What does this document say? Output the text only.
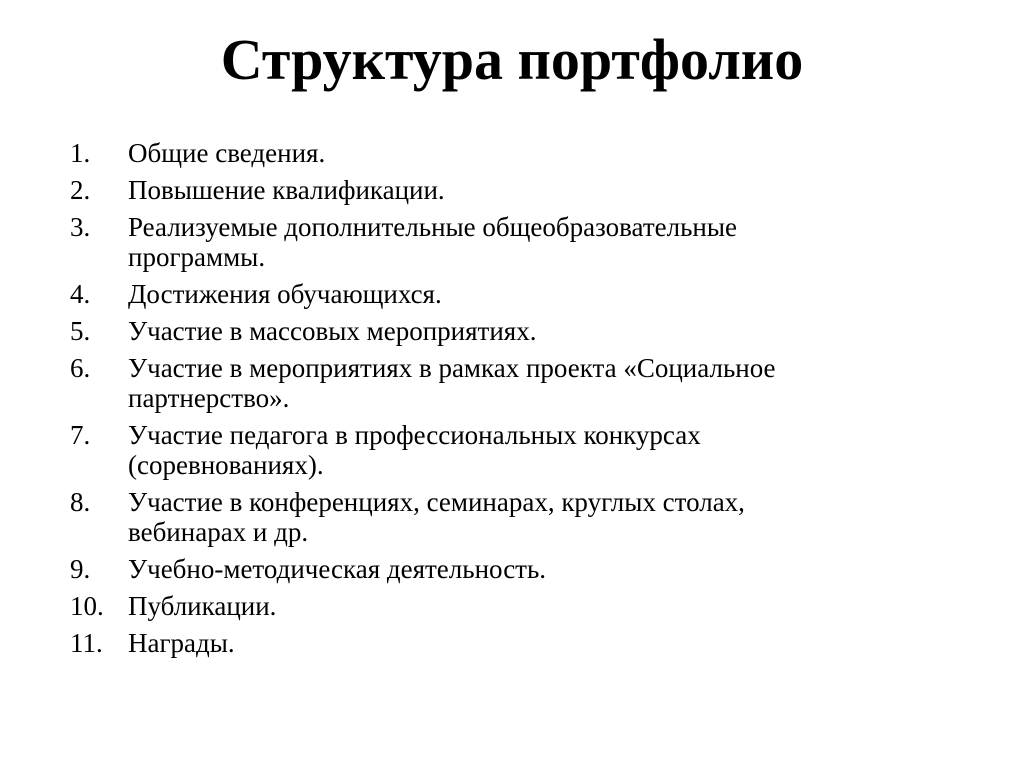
Структура портфолио
1.	Общие сведения.
2.	Повышение квалификации.
3.	Реализуемые дополнительные общеобразовательные программы.
4.	Достижения обучающихся.
5.	Участие в массовых мероприятиях.
6.	Участие в мероприятиях в рамках проекта «Социальное партнерство».
7.	Участие педагога в профессиональных конкурсах (соревнованиях).
8.	Участие в конференциях, семинарах, круглых столах, вебинарах и др.
9.	Учебно-методическая деятельность.
10. Публикации.
11. Награды.
